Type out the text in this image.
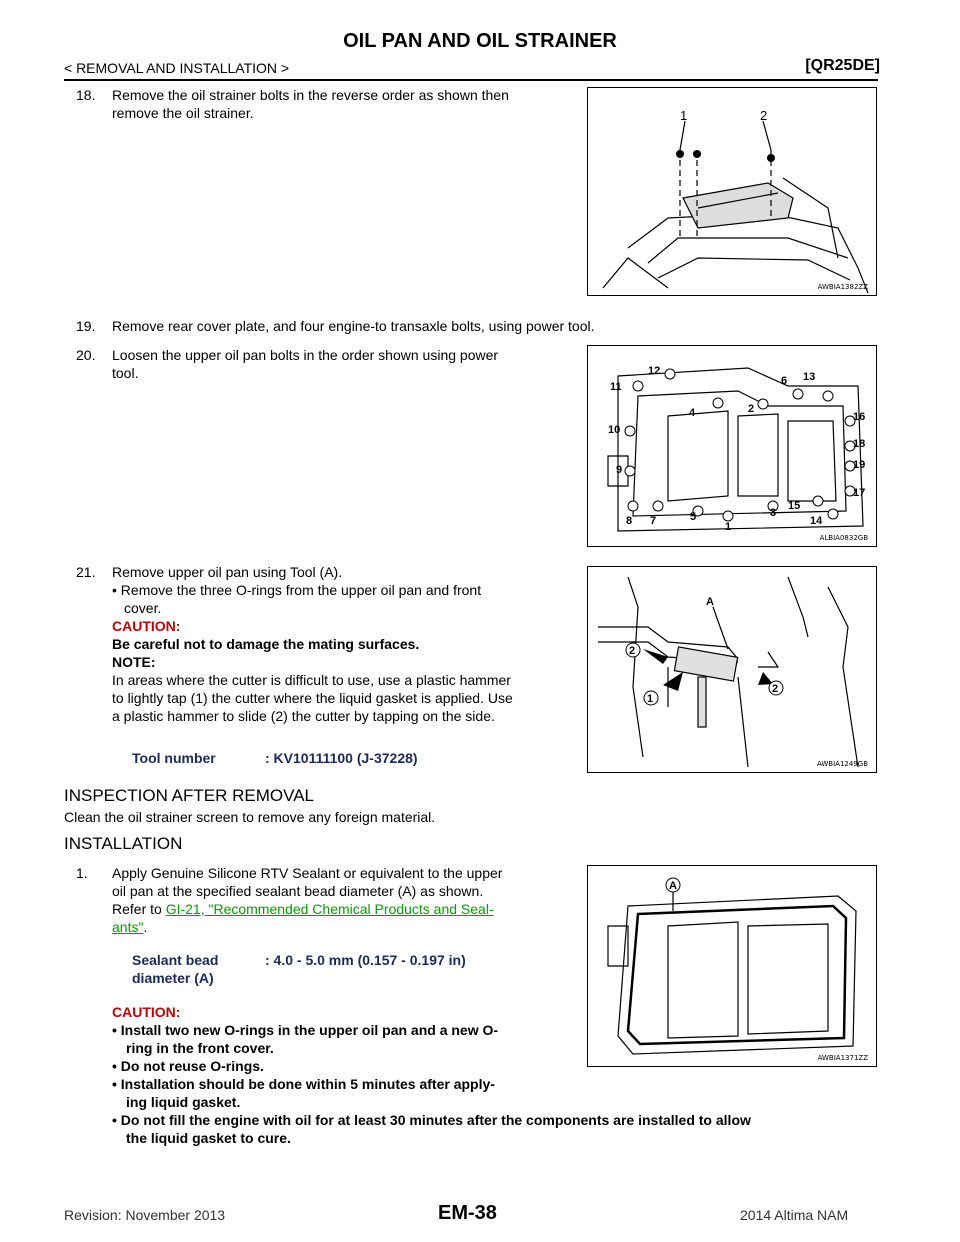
OIL PAN AND OIL STRAINER
< REMOVAL AND INSTALLATION >	[QR25DE]
18. Remove the oil strainer bolts in the reverse order as shown then
remove the oil strainer.	1	2
AWBIA1382ZZ
19. Remove rear cover plate, and four engine-to transaxle bolts, using power tool.
20. Loosen the upper oil pan bolts in the order shown using power
tool.	12
11
4
6 13
2
16
10
18
19
9
17
15
3
8 7	5	14
1
ALBIA0832GB
21. Remove upper oil pan using Tool (A).
• Remove the three O-rings from the upper oil pan and front
cover.
CAUTION:
Be careful not to damage the mating surfaces.
NOTE:
In areas where the cutter is difficult to use, use a plastic hammer
to lightly tap (1) the cutter where the liquid gasket is applied. Use
a plastic hammer to slide (2) the cutter by tapping on the side.
Tool number	: KV10111100 (J-37228)
A
2
2
1
AWBIA1249GB
INSPECTION AFTER REMOVAL
Clean the oil strainer screen to remove any foreign material.
INSTALLATION
1. Apply Genuine Silicone RTV Sealant or equivalent to the upper
oil pan at the specified sealant bead diameter (A) as shown.
Refer to GI-21, "Recommended Chemical Products and Seal-
ants".
Sealant bead
diameter (A)
: 4.0 - 5.0 mm (0.157 - 0.197 in)
A
AWBIA1371ZZ
CAUTION:
• Install two new O-rings in the upper oil pan and a new O-
ring in the front cover.
• Do not reuse O-rings.
• Installation should be done within 5 minutes after apply-
ing liquid gasket.
• Do not fill the engine with oil for at least 30 minutes after the components are installed to allow
the liquid gasket to cure.
Revision: November 2013	EM-38	2014 Altima NAM
